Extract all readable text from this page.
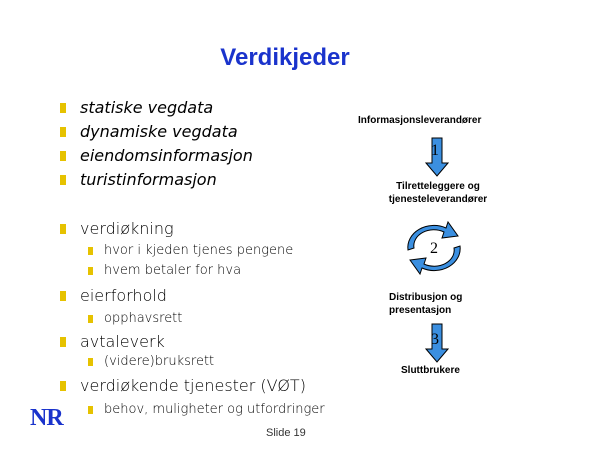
Verdikjeder
statiske vegdata
dynamiske vegdata
eiendomsinformasjon
turistinformasjon
verdiøkning
hvor i kjeden tjenes pengene
hvem betaler for hva
eierforhold
opphavsrett
avtaleverk
(videre)bruksrett
verdiøkende tjenester (VØT)
behov, muligheter og utfordringer
Informasjonsleverandører
1
Tilretteleggere og tjenesteleverandører
2
Distribusjon og presentasjon
3
Sluttbrukere
NR
Slide 19
